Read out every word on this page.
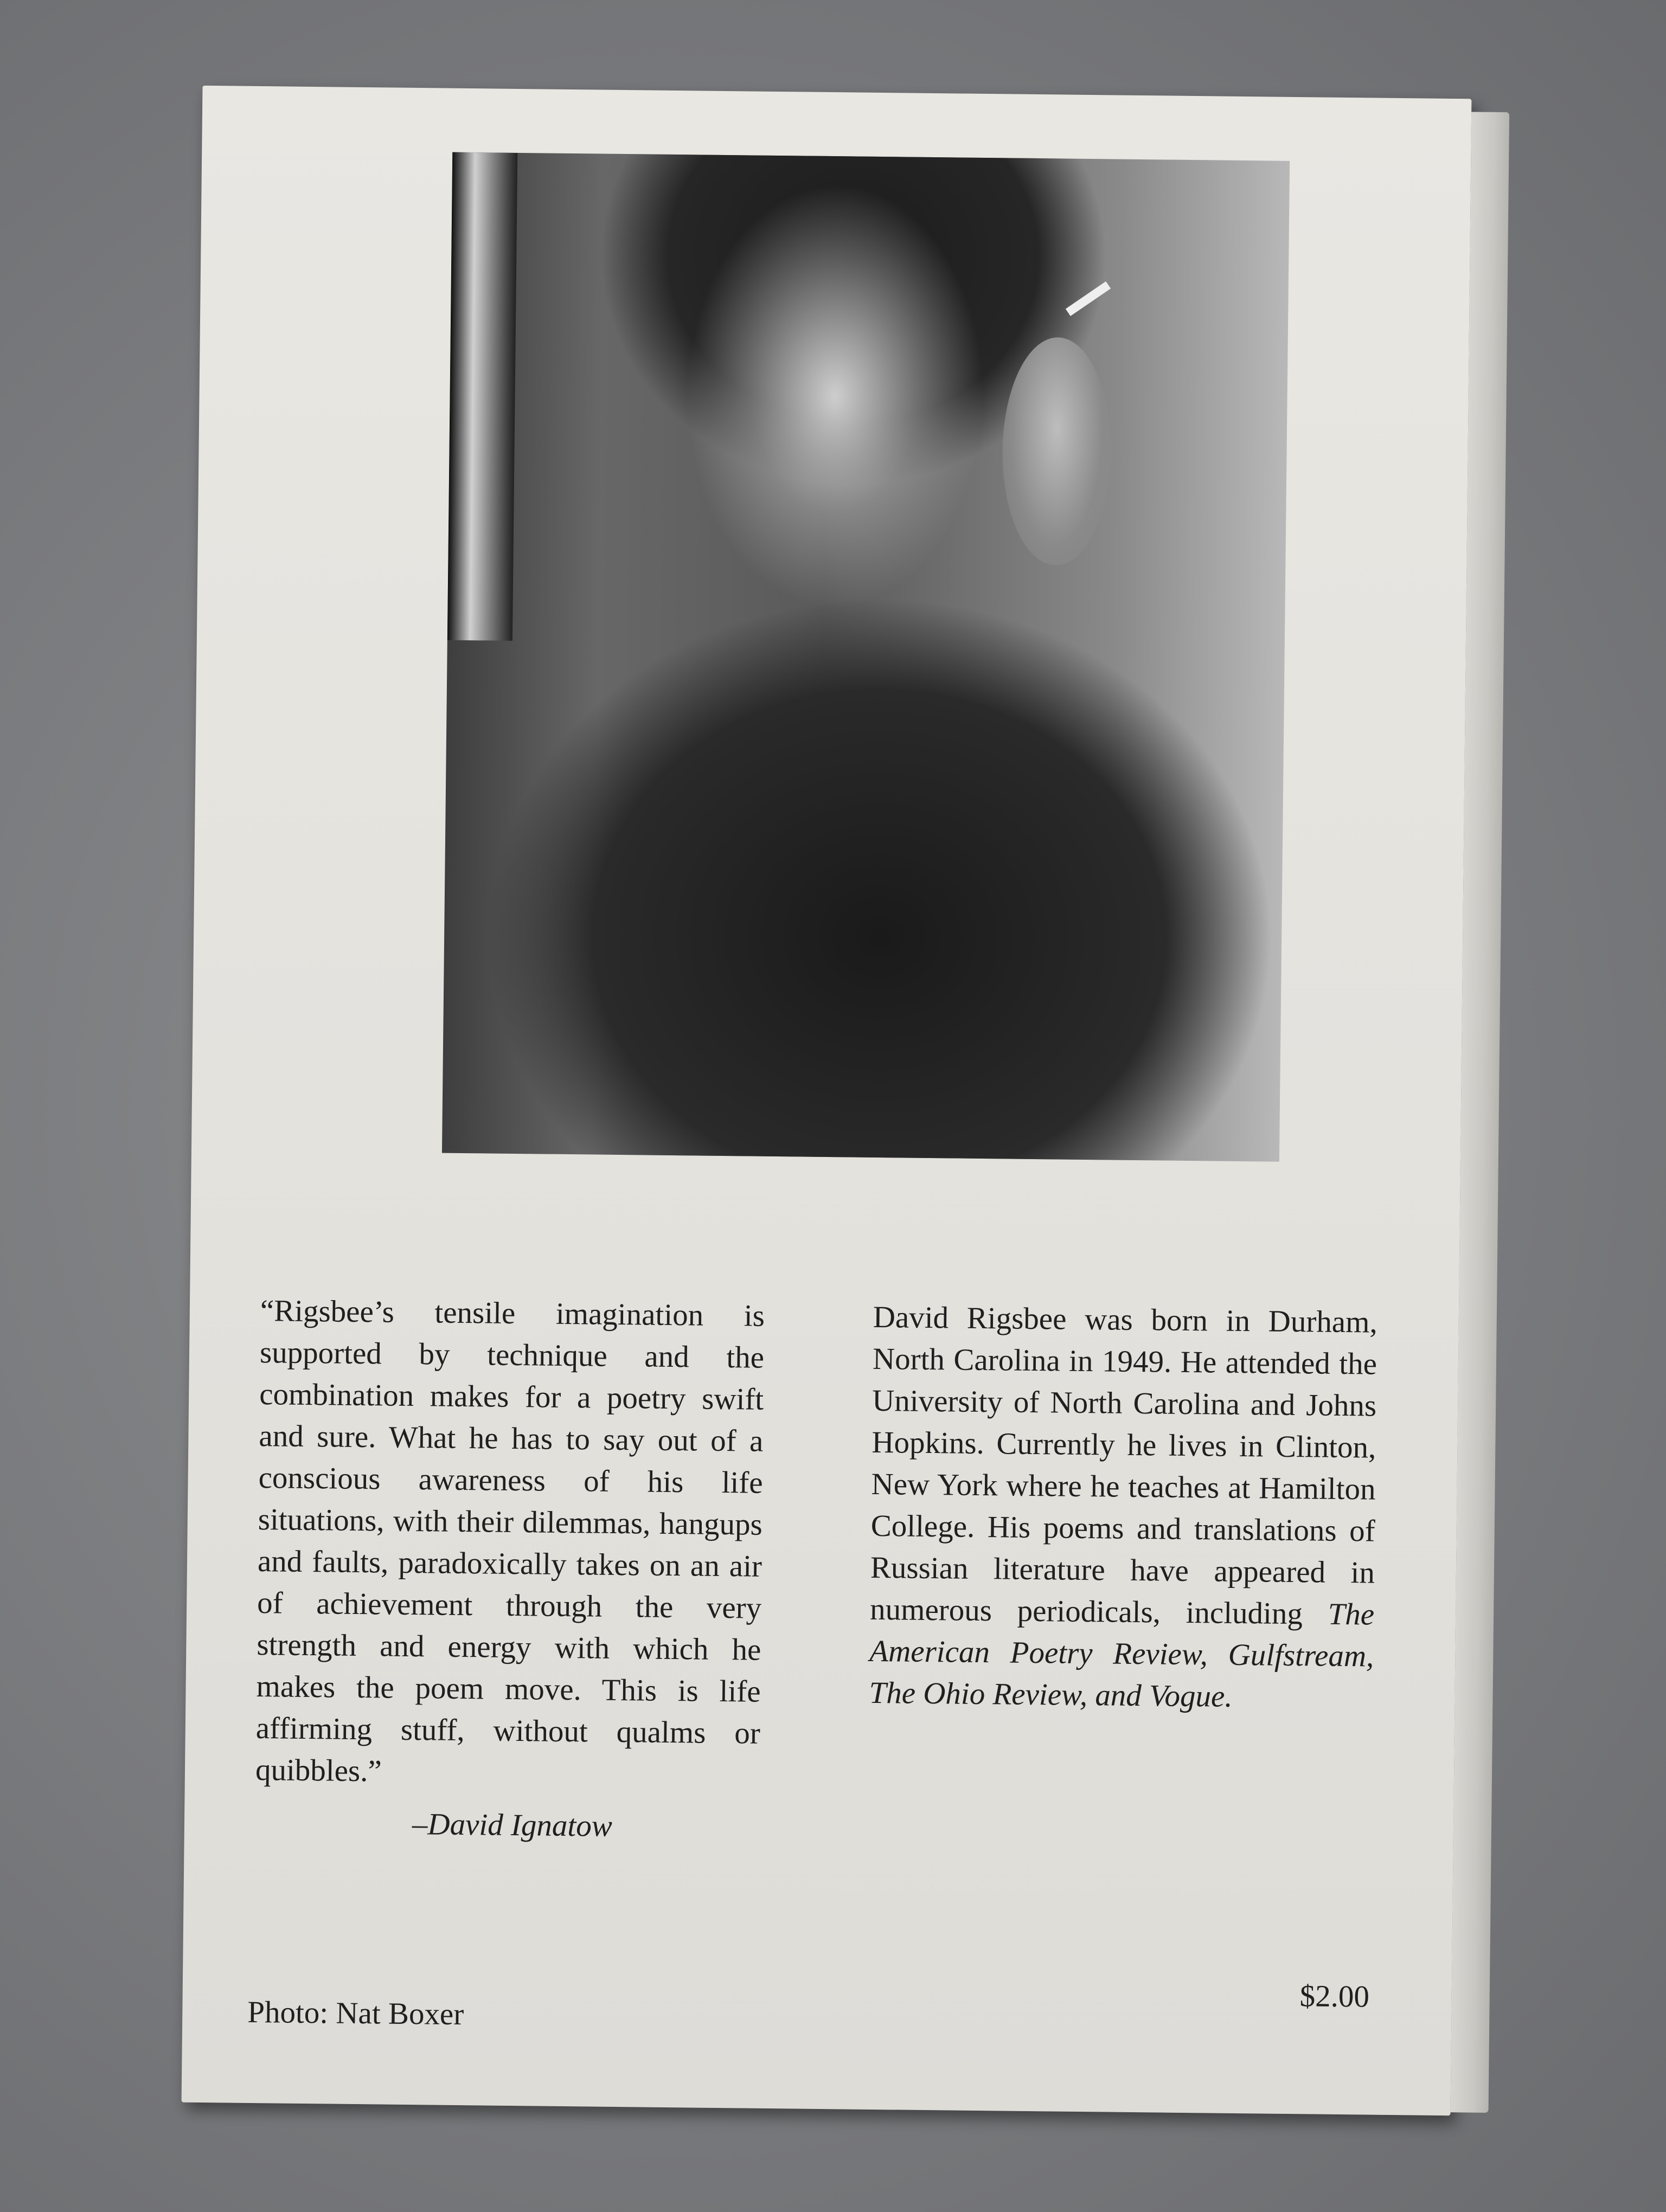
“Rigsbee’s tensile imagination is supported by technique and the combination makes for a poetry swift and sure. What he has to say out of a conscious awareness of his life situations, with their dilemmas, hangups and faults, paradoxically takes on an air of achievement through the very strength and energy with which he makes the poem move. This is life affirming stuff, without qualms or quibbles.”

–David Ignatow

David Rigsbee was born in Durham, North Carolina in 1949. He attended the University of North Carolina and Johns Hopkins. Currently he lives in Clinton, New York where he teaches at Hamilton College. His poems and translations of Russian literature have appeared in numerous periodicals, including The American Poetry Review, Gulfstream, The Ohio Review, and Vogue.

Photo: Nat Boxer	$2.00
